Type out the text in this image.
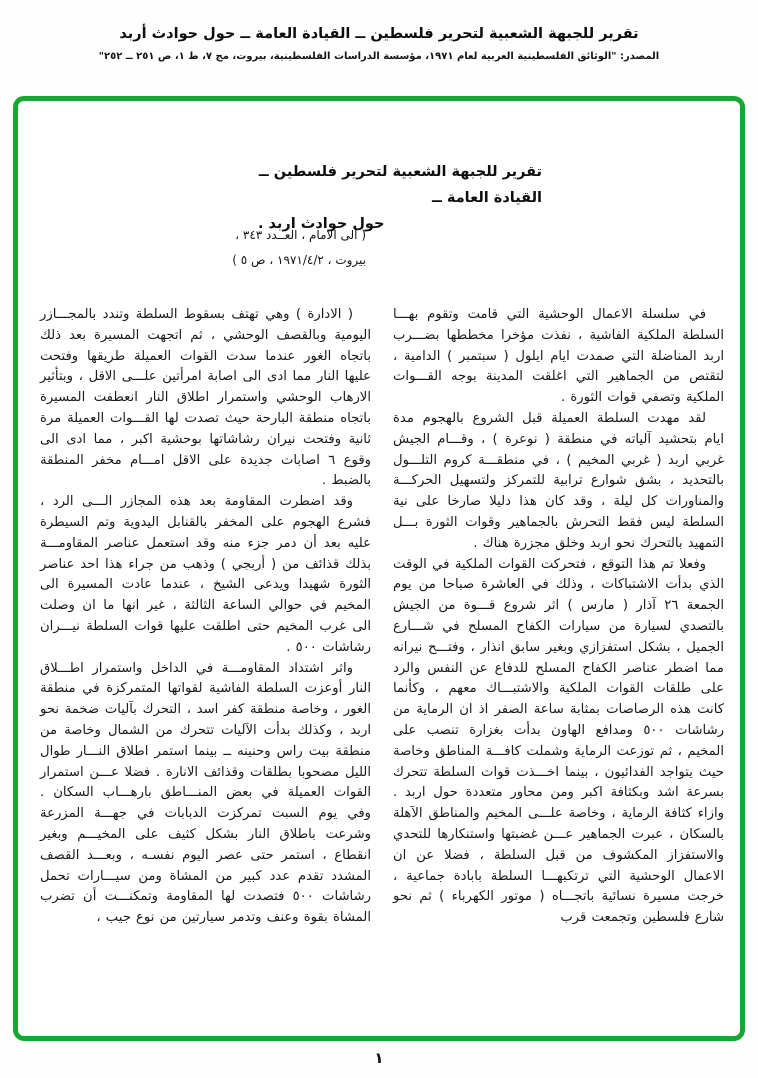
تقرير للجبهة الشعبية لتحرير فلسطين ــ القيادة العامة ــ حول حوادث أربد
المصدر: "الوثائق الفلسطينية العربية لعام ١٩٧١، مؤسسة الدراسات الفلسطينية، بيروت، مج ٧، ط ١، ص ٢٥١ ــ ٢٥٢"
تقرير للجبهة الشعبية لتحرير فلسطين ــ القيادة العامة ــ
حول حوادث اربد .
( الى الامام ، العــدد ٣٤٣ ،
بيروت ، ١٩٧١/٤/٢ ، ص ٥ )

في سلسلة الاعمال الوحشية التي قامت وتقوم بهـــا السلطة الملكية الفاشية ، نفذت مؤخرا مخططها بضـــرب اربد المناضلة التي صمدت ايام ايلول ( سبتمبر ) الدامية ، لتقتص من الجماهير التي اغلقت المدينة بوجه القـــوات الملكية وتصفي قوات الثورة .

لقد مهدت السلطة العميلة قبل الشروع بالهجوم مدة ايام بتحشيد آلياته في منطقة ( نوعرة ) ، وقـــام الجيش غربي اربد ( غربي المخيم ) ، في منطقـــة كروم التلـــول بالتحديد ، بشق شوارع ترابية للتمركز ولتسهيل الحركـــة والمناورات كل ليلة ، وقد كان هذا دليلا صارخا على نية السلطة ليس فقط التحرش بالجماهير وقوات الثورة بـــل التمهيد بالتحرك نحو اربد وخلق مجزرة هناك .

وفعلا تم هذا التوقع ، فتحركت القوات الملكية في الوقت الذي بدأت الاشتباكات ، وذلك في العاشرة صباحا من يوم الجمعة ٢٦ آذار ( مارس ) اثر شروع قـــوة من الجيش بالتصدي لسيارة من سيارات الكفاح المسلح في شـــارع الجميل ، بشكل استفزازي وبغير سابق انذار ، وفتـــح نيرانه مما اضطر عناصر الكفاح المسلح للدفاع عن النفس والرد على طلقات القوات الملكية والاشتبـــاك معهم ، وكأنما كانت هذه الرصاصات بمثابة ساعة الصفر اذ ان الرماية من رشاشات ٥٠٠ ومدافع الهاون بدأت بغزارة تنصب على المخيم ، ثم توزعت الرماية وشملت كافـــة المناطق وخاصة حيث يتواجد الفدائيون ، بينما اخـــذت قوات السلطة تتحرك بسرعة اشد وبكثافة اكبر ومن محاور متعددة حول اربد . وازاء كثافة الرماية ، وخاصة علـــى المخيم والمناطق الآهلة بالسكان ، عبرت الجماهير عـــن غضبتها واستنكارها للتحدي والاستفزاز المكشوف من قبل السلطة ، فضلا عن ان الاعمال الوحشية التي ترتكبهـــا السلطة بابادة جماعية ، خرجت مسيرة نسائية باتجـــاه ( موتور الكهرباء ) ثم نحو شارع فلسطين وتجمعت قرب

( الادارة ) وهي تهتف بسقوط السلطة وتندد بالمجـــازر اليومية وبالقصف الوحشي ، ثم اتجهت المسيرة بعد ذلك باتجاه الغور عندما سدت القوات العميلة طريقها وفتحت عليها النار مما ادى الى اصابة امرأتين علـــى الاقل ، وبتأثير الارهاب الوحشي واستمرار اطلاق النار انعطفت المسيرة باتجاه منطقة البارحة حيث تصدت لها القـــوات العميلة مرة ثانية وفتحت نيران رشاشاتها بوحشية اكبر ، مما ادى الى وقوع ٦ اصابات جديدة على الاقل امـــام مخفر المنطقة بالضبط .

وقد اضطرت المقاومة بعد هذه المجازر الـــى الرد ، فشرع الهجوم على المخفر بالقنابل اليدوية وتم السيطرة عليه بعد أن دمر جزء منه وقد استعمل عناصر المقاومـــة بذلك قذائف من ( أربجي ) وذهب من جراء هذا احد عناصر الثورة شهيدا ويدعى الشيخ ، عندما عادت المسيرة الى المخيم في حوالي الساعة الثالثة ، غير انها ما ان وصلت الى غرب المخيم حتى اطلقت عليها قوات السلطة نيـــران رشاشات ٥٠٠ .

واثر اشتداد المقاومـــة في الداخل واستمرار اطـــلاق النار أوعزت السلطة الفاشية لقواتها المتمركزة في منطقة الغور ، وخاصة منطقة كفر اسد ، التحرك بآليات ضخمة نحو اربد ، وكذلك بدأت الآليات تتحرك من الشمال وخاصة من منطقة بيت راس وحنينه ــ بينما استمر اطلاق النـــار طوال الليل مصحوبا بطلقات وقذائف الانارة . فضلا عـــن استمرار القوات العميلة في بعض المنـــاطق بارهـــاب السكان . وفي يوم السبت تمركزت الدبابات في جهـــة المزرعة وشرعت باطلاق النار بشكل كثيف على المخيـــم وبغير انقطاع ، استمر حتى عصر اليوم نفسـه ، وبعـــد القصف المشدد تقدم عدد كبير من المشاة ومن سيـــارات تحمل رشاشات ٥٠٠ فتصدت لها المقاومة وتمكنـــت أن تضرب المشاة بقوة وعنف وتدمر سيارتين من نوع جيب ،

١
